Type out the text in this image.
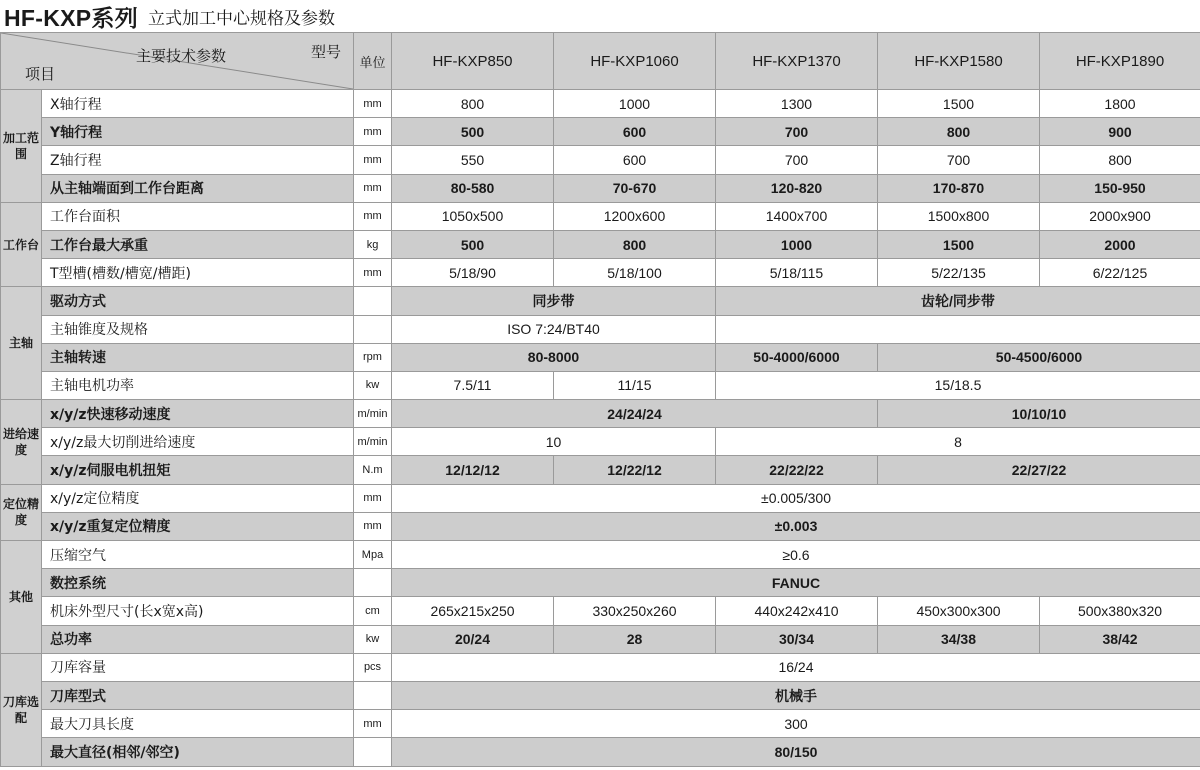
HF-KXP系列 立式加工中心规格及参数
主要技术参数 型号
项目		单位	HF-KXP850	HF-KXP1060	HF-KXP1370	HF-KXP1580	HF-KXP1890
加工范围	X轴行程	mm	800	1000	1300	1500	1800
	Y轴行程	mm	500	600	700	800	900
	Z轴行程	mm	550	600	700	700	800
	从主轴端面到工作台距离	mm	80-580	70-670	120-820	170-870	150-950
工作台	工作台面积	mm	1050x500	1200x600	1400x700	1500x800	2000x900
	工作台最大承重	kg	500	800	1000	1500	2000
	T型槽(槽数/槽宽/槽距)	mm	5/18/90	5/18/100	5/18/115	5/22/135	6/22/125
主轴	驱动方式		同步带		齿轮/同步带		
	主轴锥度及规格		ISO 7:24/BT40				
	主轴转速	rpm	80-8000		50-4000/6000	50-4500/6000	
	主轴电机功率	kw	7.5/11	11/15	15/18.5		
进给速度	x/y/z快速移动速度	m/min	24/24/24			10/10/10	
	x/y/z最大切削进给速度	m/min	10		8		
	x/y/z伺服电机扭矩	N.m	12/12/12	12/22/12	22/22/22	22/27/22	
定位精度	x/y/z定位精度	mm	±0.005/300				
	x/y/z重复定位精度	mm	±0.003				
其他	压缩空气	Mpa	≥0.6				
	数控系统		FANUC				
	机床外型尺寸(长x宽x高)	cm	265x215x250	330x250x260	440x242x410	450x300x300	500x380x320
	总功率	kw	20/24	28	30/34	34/38	38/42
刀库选配	刀库容量	pcs	16/24				
	刀库型式		机械手				
	最大刀具长度	mm	300				
	最大直径(相邻/邻空)		80/150				
